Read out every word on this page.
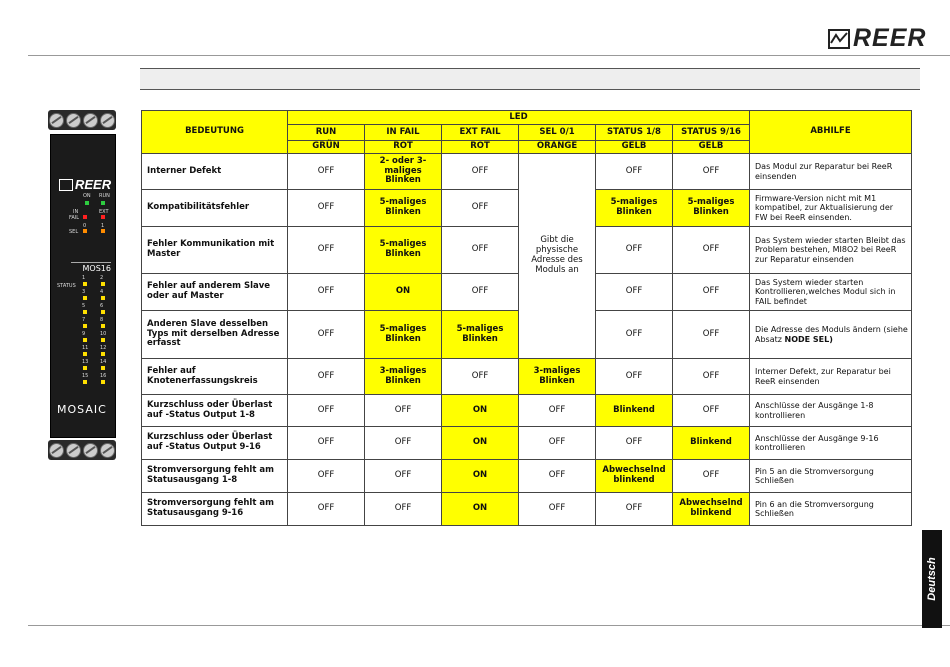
REER
REER
ON RUN
IN	EXT
FAIL
0	1
SEL
MOS16
STATUS
1	2
3	4
5	6
7	8
9	10
11 12
13 14
15 16
MOSAIC
BEDEUTUNG	LED						ABHILFE
	RUN	IN FAIL	EXT FAIL	SEL 0/1	STATUS 1/8	STATUS 9/16	
	GRÜN	ROT	ROT	ORANGE	GELB	GELB	
Interner Defekt	OFF	2- oder 3-maliges Blinken	OFF	Gibt die physische Adresse des Moduls an	OFF	OFF	Das Modul zur Reparatur bei ReeR einsenden
Kompatibilitätsfehler	OFF	5-maliges Blinken	OFF		5-maliges Blinken	5-maliges Blinken	Firmware-Version nicht mit M1 kompatibel, zur Aktualisierung der FW bei ReeR einsenden.
Fehler Kommunikation mit Master	OFF	5-maliges Blinken	OFF		OFF	OFF	Das System wieder starten Bleibt das Problem bestehen, MI8O2 bei ReeR zur Reparatur einsenden
Fehler auf anderem Slave oder auf Master	OFF	ON	OFF		OFF	OFF	Das System wieder starten Kontrollieren,welches Modul sich in FAIL befindet
Anderen Slave desselben Typs mit derselben Adresse erfasst	OFF	5-maliges Blinken	5-maliges Blinken		OFF	OFF	Die Adresse des Moduls ändern (siehe Absatz NODE SEL)
Fehler auf Knotenerfassungskreis	OFF	3-maliges Blinken	OFF	3-maliges Blinken	OFF	OFF	Interner Defekt, zur Reparatur bei ReeR einsenden
Kurzschluss oder Überlast auf -Status Output 1-8	OFF	OFF	ON	OFF	Blinkend	OFF	Anschlüsse der Ausgänge 1-8 kontrollieren
Kurzschluss oder Überlast auf -Status Output 9-16	OFF	OFF	ON	OFF	OFF	Blinkend	Anschlüsse der Ausgänge 9-16 kontrollieren
Stromversorgung fehlt am Statusausgang 1-8	OFF	OFF	ON	OFF	Abwechselnd blinkend	OFF	Pin 5 an die Stromversorgung Schließen
Stromversorgung fehlt am Statusausgang 9-16	OFF	OFF	ON	OFF	OFF	Abwechselnd blinkend	Pin 6 an die Stromversorgung Schließen
Deutsch
